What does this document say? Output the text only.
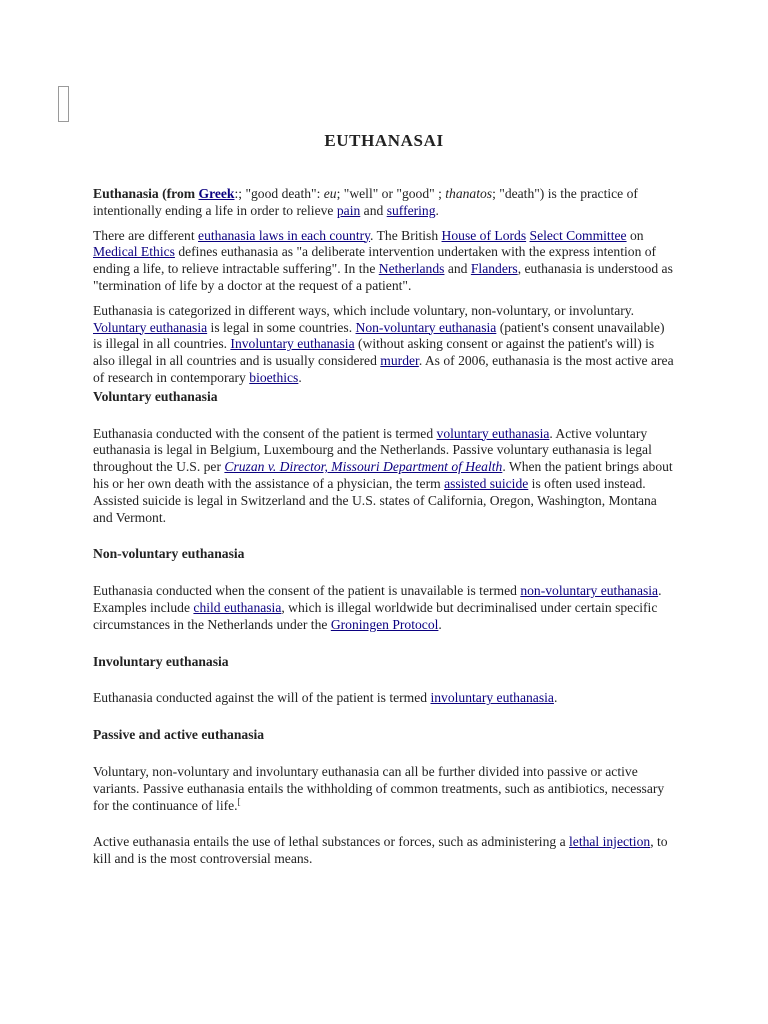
EUTHANASAI

Euthanasia (from Greek:; "good death": eu; "well" or "good" ; thanatos; "death") is the practice of intentionally ending a life in order to relieve pain and suffering.

There are different euthanasia laws in each country. The British House of Lords Select Committee on Medical Ethics defines euthanasia as "a deliberate intervention undertaken with the express intention of ending a life, to relieve intractable suffering". In the Netherlands and Flanders, euthanasia is understood as "termination of life by a doctor at the request of a patient".

Euthanasia is categorized in different ways, which include voluntary, non-voluntary, or involuntary. Voluntary euthanasia is legal in some countries. Non-voluntary euthanasia (patient's consent unavailable) is illegal in all countries. Involuntary euthanasia (without asking consent or against the patient's will) is also illegal in all countries and is usually considered murder. As of 2006, euthanasia is the most active area of research in contemporary bioethics.

Voluntary euthanasia

Euthanasia conducted with the consent of the patient is termed voluntary euthanasia. Active voluntary euthanasia is legal in Belgium, Luxembourg and the Netherlands. Passive voluntary euthanasia is legal throughout the U.S. per Cruzan v. Director, Missouri Department of Health. When the patient brings about his or her own death with the assistance of a physician, the term assisted suicide is often used instead. Assisted suicide is legal in Switzerland and the U.S. states of California, Oregon, Washington, Montana and Vermont.

Non-voluntary euthanasia

Euthanasia conducted when the consent of the patient is unavailable is termed non-voluntary euthanasia. Examples include child euthanasia, which is illegal worldwide but decriminalised under certain specific circumstances in the Netherlands under the Groningen Protocol.

Involuntary euthanasia

Euthanasia conducted against the will of the patient is termed involuntary euthanasia.

Passive and active euthanasia

Voluntary, non-voluntary and involuntary euthanasia can all be further divided into passive or active variants. Passive euthanasia entails the withholding of common treatments, such as antibiotics, necessary for the continuance of life.[

Active euthanasia entails the use of lethal substances or forces, such as administering a lethal injection, to kill and is the most controversial means.
